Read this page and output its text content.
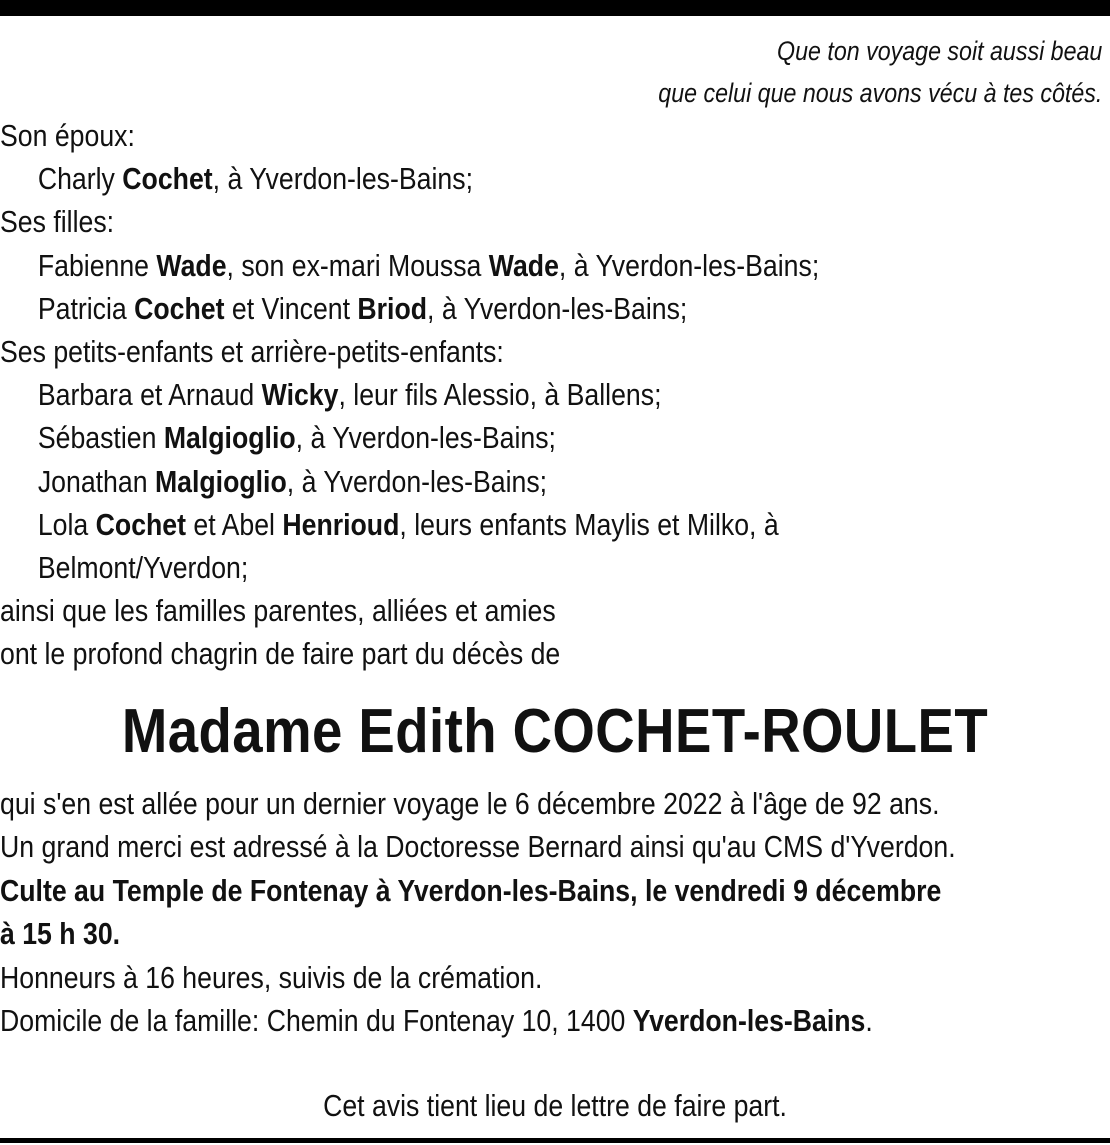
Que ton voyage soit aussi beau
que celui que nous avons vécu à tes côtés.
Son époux:
Charly Cochet, à Yverdon-les-Bains;
Ses filles:
Fabienne Wade, son ex-mari Moussa Wade, à Yverdon-les-Bains;
Patricia Cochet et Vincent Briod, à Yverdon-les-Bains;
Ses petits-enfants et arrière-petits-enfants:
Barbara et Arnaud Wicky, leur fils Alessio, à Ballens;
Sébastien Malgioglio, à Yverdon-les-Bains;
Jonathan Malgioglio, à Yverdon-les-Bains;
Lola Cochet et Abel Henrioud, leurs enfants Maylis et Milko, à
Belmont/Yverdon;
ainsi que les familles parentes, alliées et amies
ont le profond chagrin de faire part du décès de
Madame Edith COCHET-ROULET
qui s'en est allée pour un dernier voyage le 6 décembre 2022 à l'âge de 92 ans.
Un grand merci est adressé à la Doctoresse Bernard ainsi qu'au CMS d'Yverdon.
Culte au Temple de Fontenay à Yverdon-les-Bains, le vendredi 9 décembre
à 15 h 30.
Honneurs à 16 heures, suivis de la crémation.
Domicile de la famille: Chemin du Fontenay 10, 1400 Yverdon-les-Bains.
Cet avis tient lieu de lettre de faire part.
